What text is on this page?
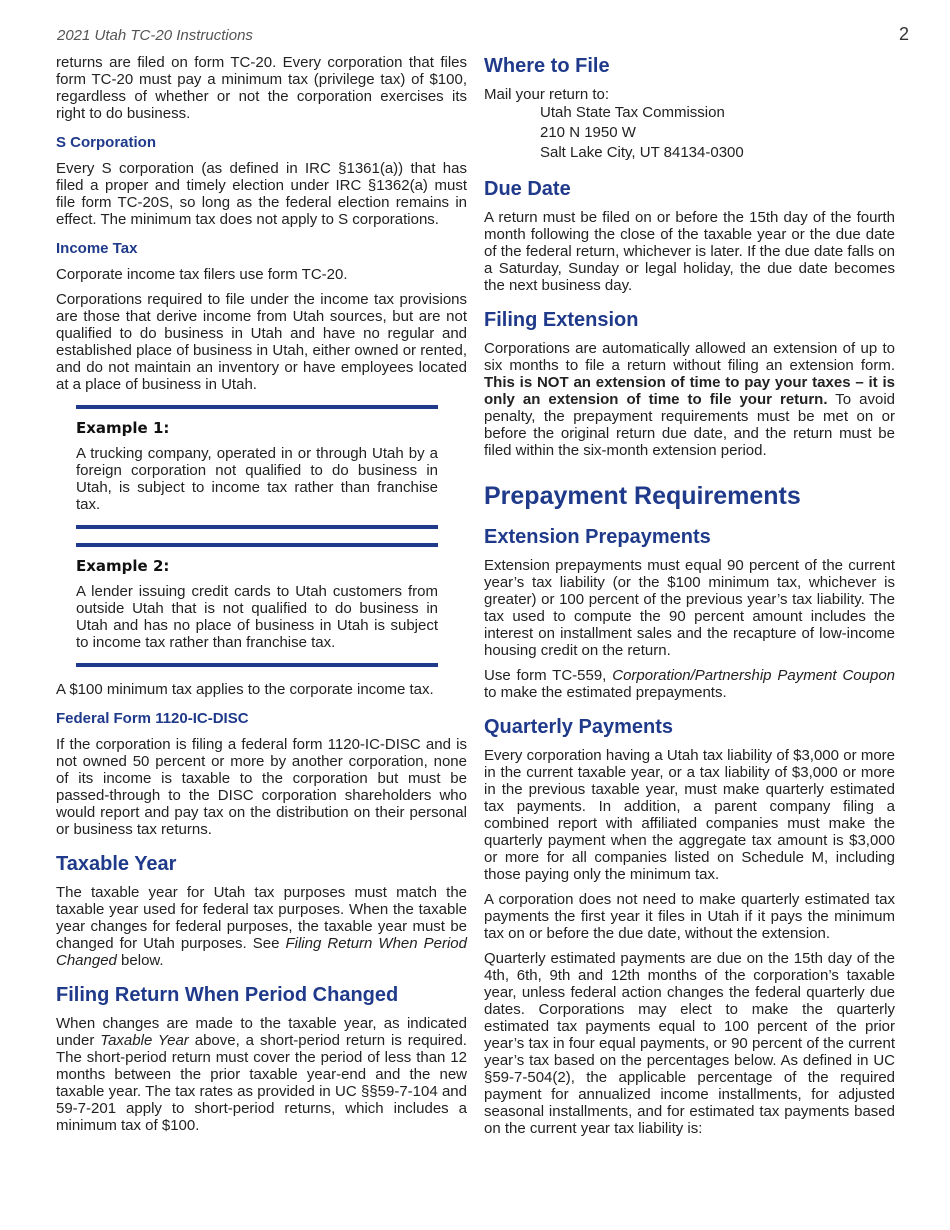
2021 Utah TC-20 Instructions	2

returns are filed on form TC-20. Every corporation that files form TC-20 must pay a minimum tax (privilege tax) of $100, regardless of whether or not the corporation exercises its right to do business.

S Corporation

Every S corporation (as defined in IRC §1361(a)) that has filed a proper and timely election under IRC §1362(a) must file form TC-20S, so long as the federal election remains in effect. The minimum tax does not apply to S corporations.

Income Tax

Corporate income tax filers use form TC-20.

Corporations required to file under the income tax provisions are those that derive income from Utah sources, but are not qualified to do business in Utah and have no regular and established place of business in Utah, either owned or rented, and do not maintain an inventory or have employees located at a place of business in Utah.

Example 1:

A trucking company, operated in or through Utah by a foreign corporation not qualified to do business in Utah, is subject to income tax rather than franchise tax.

Example 2:

A lender issuing credit cards to Utah customers from outside Utah that is not qualified to do business in Utah and has no place of business in Utah is subject to income tax rather than franchise tax.

A $100 minimum tax applies to the corporate income tax.

Federal Form 1120-IC-DISC

If the corporation is filing a federal form 1120-IC-DISC and is not owned 50 percent or more by another corporation, none of its income is taxable to the corporation but must be passed-through to the DISC corporation shareholders who would report and pay tax on the distribution on their personal or business tax returns.

Taxable Year

The taxable year for Utah tax purposes must match the taxable year used for federal tax purposes. When the taxable year changes for federal purposes, the taxable year must be changed for Utah purposes. See Filing Return When Period Changed below.

Filing Return When Period Changed

When changes are made to the taxable year, as indicated under Taxable Year above, a short-period return is required. The short-period return must cover the period of less than 12 months between the prior taxable year-end and the new taxable year. The tax rates as provided in UC §§59-7-104 and 59-7-201 apply to short-period returns, which includes a minimum tax of $100.

Where to File

Mail your return to:

Utah State Tax Commission
210 N 1950 W
Salt Lake City, UT 84134-0300
Due Date

A return must be filed on or before the 15th day of the fourth month following the close of the taxable year or the due date of the federal return, whichever is later. If the due date falls on a Saturday, Sunday or legal holiday, the due date becomes the next business day.

Filing Extension

Corporations are automatically allowed an extension of up to six months to file a return without filing an extension form. This is NOT an extension of time to pay your taxes – it is only an extension of time to file your return. To avoid penalty, the prepayment requirements must be met on or before the original return due date, and the return must be filed within the six-month extension period.

Prepayment Requirements
Extension Prepayments

Extension prepayments must equal 90 percent of the current year’s tax liability (or the $100 minimum tax, whichever is greater) or 100 percent of the previous year’s tax liability. The tax used to compute the 90 percent amount includes the interest on installment sales and the recapture of low-income housing credit on the return.

Use form TC-559, Corporation/Partnership Payment Coupon to make the estimated prepayments.

Quarterly Payments

Every corporation having a Utah tax liability of $3,000 or more in the current taxable year, or a tax liability of $3,000 or more in the previous taxable year, must make quarterly estimated tax payments. In addition, a parent company filing a combined report with affiliated companies must make the quarterly payment when the aggregate tax amount is $3,000 or more for all companies listed on Schedule M, including those paying only the minimum tax.

A corporation does not need to make quarterly estimated tax payments the first year it files in Utah if it pays the minimum tax on or before the due date, without the extension.

Quarterly estimated payments are due on the 15th day of the 4th, 6th, 9th and 12th months of the corporation’s taxable year, unless federal action changes the federal quarterly due dates. Corporations may elect to make the quarterly estimated tax payments equal to 100 percent of the prior year’s tax in four equal payments, or 90 percent of the current year’s tax based on the percentages below. As defined in UC §59-7-504(2), the applicable percentage of the required payment for annualized income installments, for adjusted seasonal installments, and for estimated tax payments based on the current year tax liability is:
